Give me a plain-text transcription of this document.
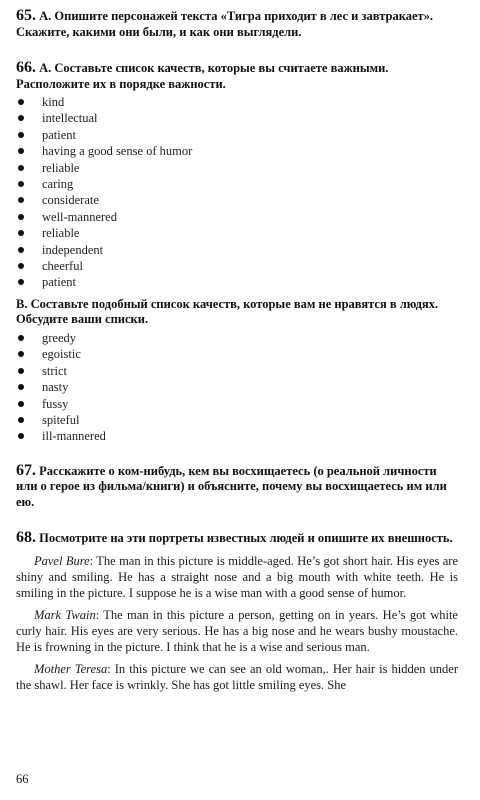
65. А. Опишите персонажей текста «Тигра приходит в лес и завтракает». Скажите, какими они были, и как они выглядели.

66. А. Составьте список качеств, которые вы считаете важными. Расположите их в порядке важности.

kind
intellectual
patient
having a good sense of humor
reliable
caring
considerate
well-mannered
reliable
independent
cheerful
patient

В. Составьте подобный список качеств, которые вам не нравятся в людях. Обсудите ваши списки.

greedy
egoistic
strict
nasty
fussy
spiteful
ill-mannered

67. Расскажите о ком-нибудь, кем вы восхищаетесь (о реальной личности или о герое из фильма/книги) и объясните, почему вы восхищаетесь им или ею.

68. Посмотрите на эти портреты известных людей и опишите их внешность.

Pavel Bure: The man in this picture is middle-aged. He’s got short hair. His eyes are shiny and smiling. He has a straight nose and a big mouth with white teeth. He is smiling in the picture. I suppose he is a wise man with a good sense of humor.

Mark Twain: The man in this picture a person, getting on in years. He’s got white curly hair. His eyes are very serious. He has a big nose and he wears bushy moustache. He is frowning in the picture. I think that he is a wise and serious man.

Mother Teresa: In this picture we can see an old woman,. Her hair is hidden under the shawl. Her face is wrinkly. She has got little smiling eyes. She

66
